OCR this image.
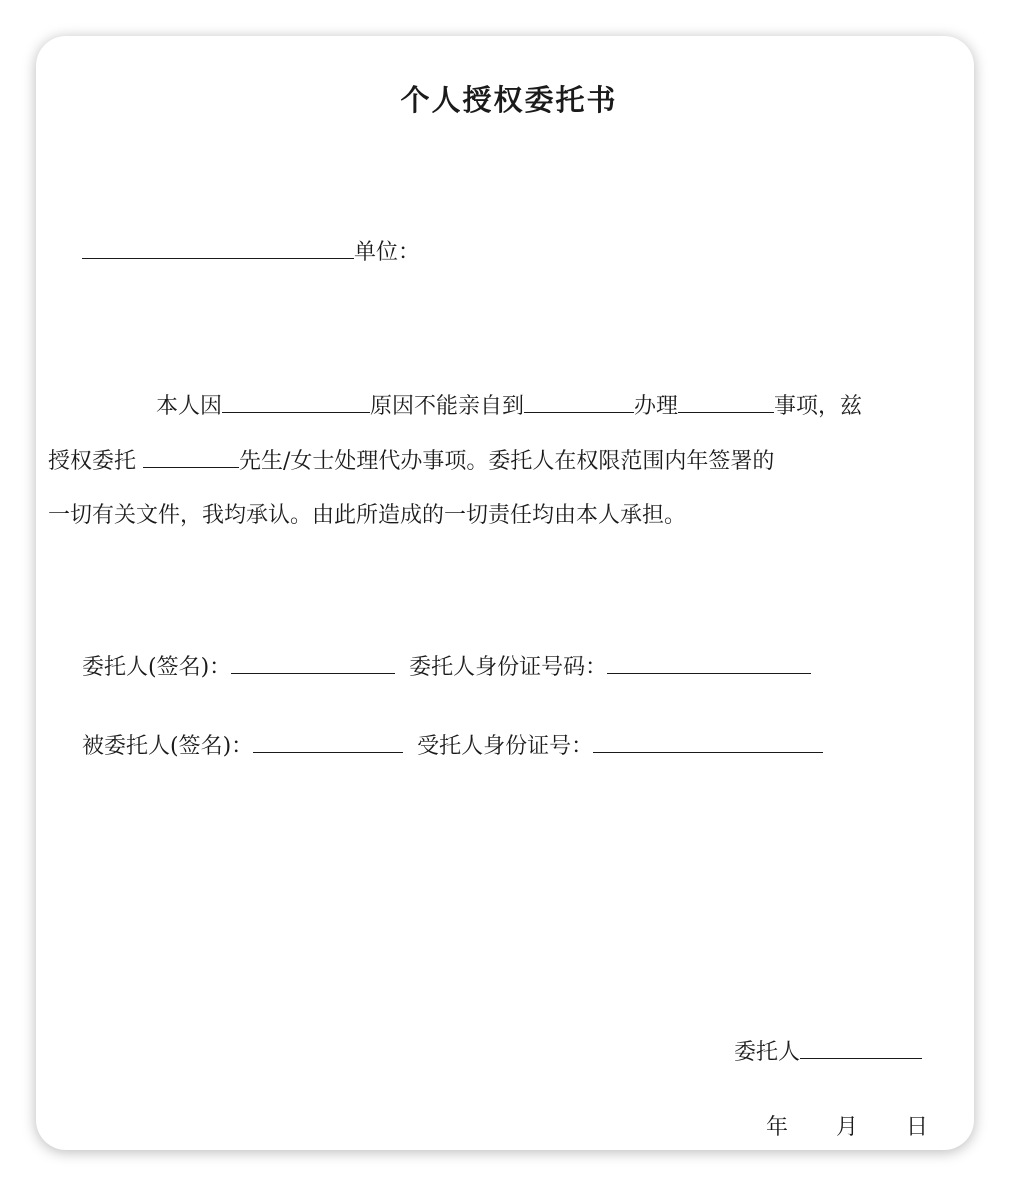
个人授权委托书
单位：
本人因	原因不能亲自到	办理	事项，兹
授权委托	先生/女士处理代办事项。委托人在权限范围内年签署的
一切有关文件，我均承认。由此所造成的一切责任均由本人承担。
委托人(签名)：	委托人身份证号码：
被委托人(签名)：	受托人身份证号：
委托人
年 月 日
